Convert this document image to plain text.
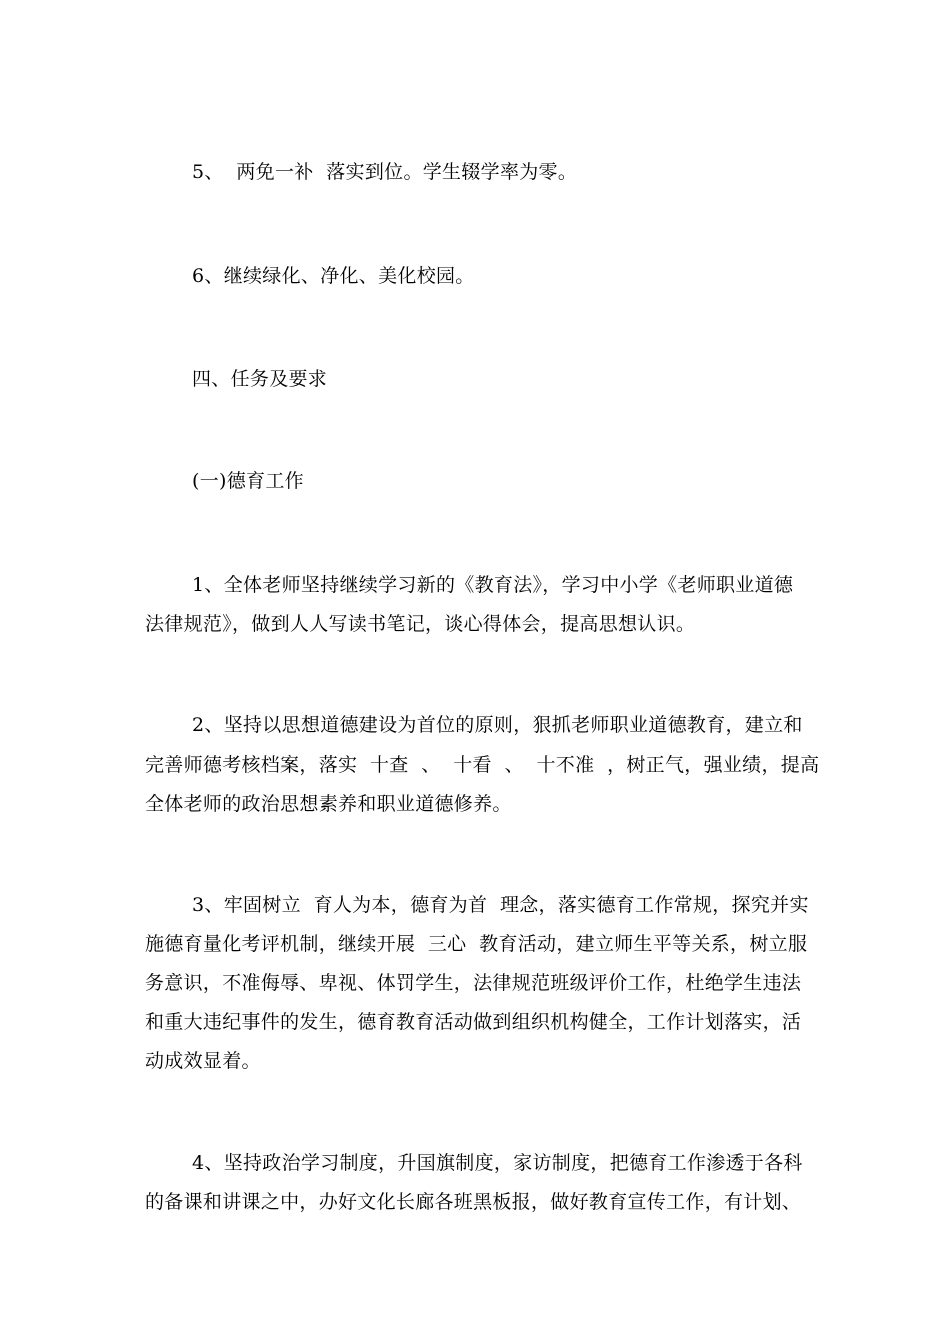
5、  两免一补  落实到位。学生辍学率为零。
6、继续绿化、净化、美化校园。
四、任务及要求
(一)德育工作
1、全体老师坚持继续学习新的《教育法》，学习中小学《老师职业道德
法律规范》，做到人人写读书笔记，谈心得体会，提高思想认识。
2、坚持以思想道德建设为首位的原则，狠抓老师职业道德教育，建立和
完善师德考核档案，落实  十查  、  十看  、  十不准  ，树正气，强业绩，提高
全体老师的政治思想素养和职业道德修养。
3、牢固树立  育人为本，德育为首  理念，落实德育工作常规，探究并实
施德育量化考评机制，继续开展  三心  教育活动，建立师生平等关系，树立服
务意识，不准侮辱、卑视、体罚学生，法律规范班级评价工作，杜绝学生违法
和重大违纪事件的发生，德育教育活动做到组织机构健全，工作计划落实，活
动成效显着。
4、坚持政治学习制度，升国旗制度，家访制度，把德育工作渗透于各科
的备课和讲课之中，办好文化长廊各班黑板报，做好教育宣传工作，有计划、
